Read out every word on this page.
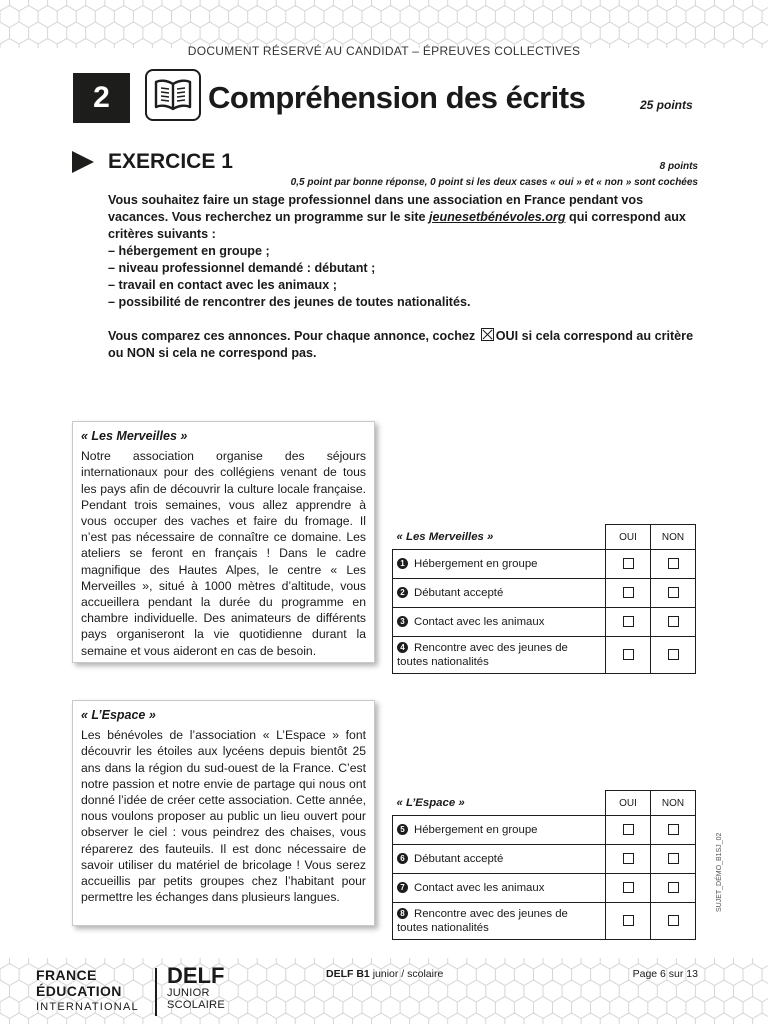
DOCUMENT RÉSERVÉ AU CANDIDAT – ÉPREUVES COLLECTIVES
2	Compréhension des écrits	25 points
EXERCICE 1	8 points
0,5 point par bonne réponse, 0 point si les deux cases « oui » et « non » sont cochées

Vous souhaitez faire un stage professionnel dans une association en France pendant vos vacances. Vous recherchez un programme sur le site jeunesetbénévoles.org qui correspond aux critères suivants :

– hébergement en groupe ;
– niveau professionnel demandé : débutant ;
– travail en contact avec les animaux ;
– possibilité de rencontrer des jeunes de toutes nationalités.

Vous comparez ces annonces. Pour chaque annonce, cochez OUI si cela correspond au critère ou NON si cela ne correspond pas.

« Les Merveilles »
Notre association organise des séjours internationaux pour des collégiens venant de tous les pays afin de découvrir la culture locale française. Pendant trois semaines, vous allez apprendre à vous occuper des vaches et faire du fromage. Il n’est pas nécessaire de connaître ce domaine. Les ateliers se feront en français ! Dans le cadre magnifique des Hautes Alpes, le centre « Les Merveilles », situé à 1000 mètres d’altitude, vous accueillera pendant la durée du programme en chambre individuelle. Des animateurs de différents pays organiseront la vie quotidienne durant la semaine et vous aideront en cas de besoin.
« Les Merveilles »	OUI	NON
1 Hébergement en groupe		
2 Débutant accepté		
3 Contact avec les animaux		
4 Rencontre avec des jeunes de toutes nationalités		
« L’Espace »
Les bénévoles de l’association « L’Espace » font découvrir les étoiles aux lycéens depuis bientôt 25 ans dans la région du sud-ouest de la France. C’est notre passion et notre envie de partage qui nous ont donné l’idée de créer cette association. Cette année, nous voulons proposer au public un lieu ouvert pour observer le ciel : vous peindrez des chaises, vous réparerez des fauteuils. Il est donc nécessaire de savoir utiliser du matériel de bricolage ! Vous serez accueillis par petits groupes chez l’habitant pour permettre les échanges dans plusieurs langues.
« L’Espace »	OUI	NON
5 Hébergement en groupe		
6 Débutant accepté		
7 Contact avec les animaux		
8 Rencontre avec des jeunes de toutes nationalités		
SUJET_DÉMO_B1SJ_02
FRANCE
ÉDUCATION
INTERNATIONAL
DELF
JUNIOR
SCOLAIRE
DELF B1 junior / scolaire	Page 6 sur 13
